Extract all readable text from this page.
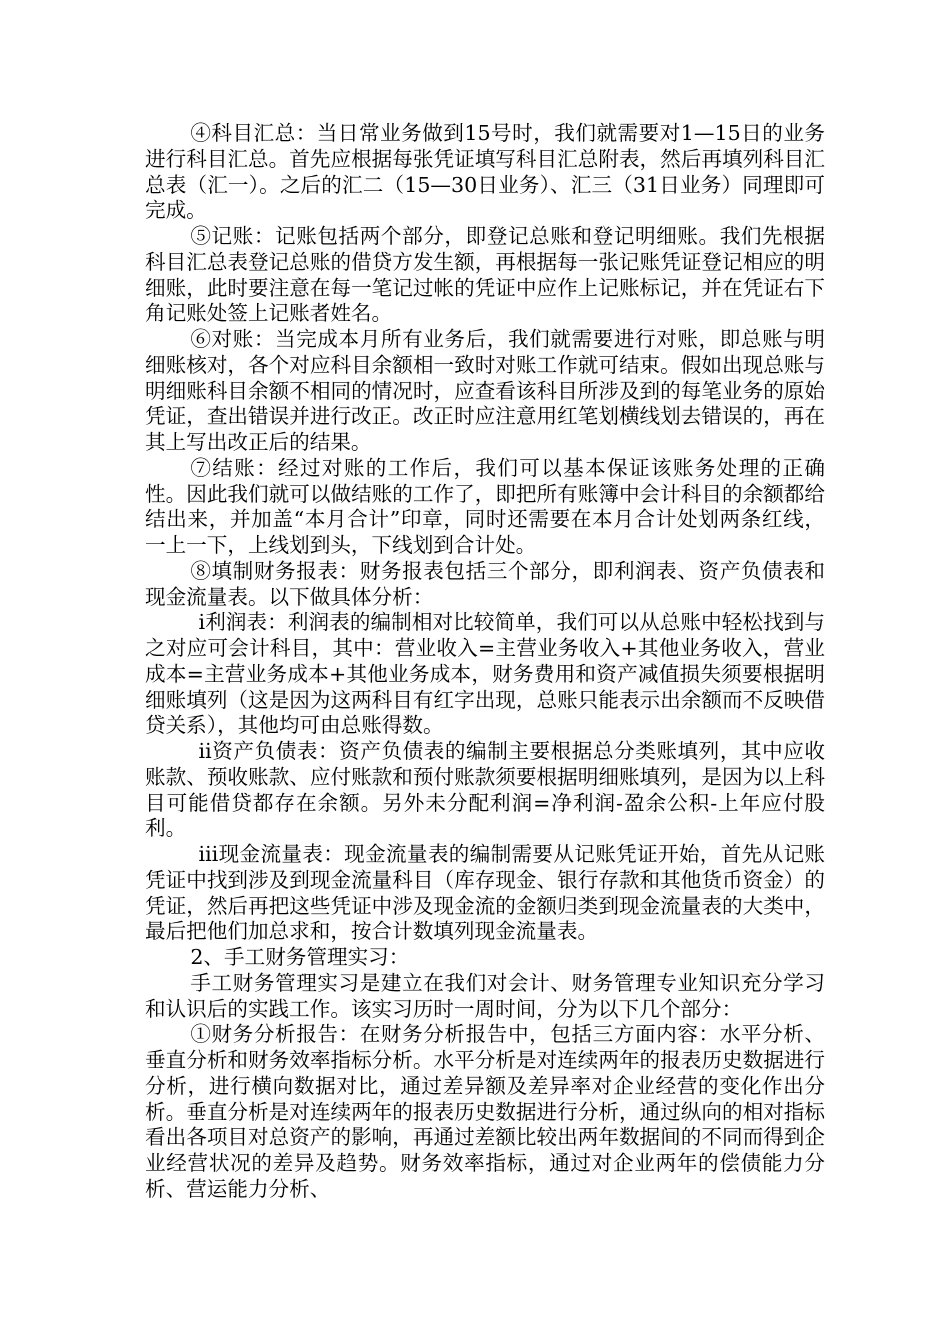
④科目汇总：当日常业务做到15号时，我们就需要对1—15日的业务进行科目汇总。首先应根据每张凭证填写科目汇总附表，然后再填列科目汇总表（汇一）。之后的汇二（15—30日业务）、汇三（31日业务）同理即可完成。

⑤记账：记账包括两个部分，即登记总账和登记明细账。我们先根据科目汇总表登记总账的借贷方发生额，再根据每一张记账凭证登记相应的明细账，此时要注意在每一笔记过帐的凭证中应作上记账标记，并在凭证右下角记账处签上记账者姓名。

⑥对账：当完成本月所有业务后，我们就需要进行对账，即总账与明细账核对，各个对应科目余额相一致时对账工作就可结束。假如出现总账与明细账科目余额不相同的情况时，应查看该科目所涉及到的每笔业务的原始凭证，查出错误并进行改正。改正时应注意用红笔划横线划去错误的，再在其上写出改正后的结果。

⑦结账：经过对账的工作后，我们可以基本保证该账务处理的正确性。因此我们就可以做结账的工作了，即把所有账簿中会计科目的余额都给结出来，并加盖“本月合计”印章，同时还需要在本月合计处划两条红线，一上一下，上线划到头，下线划到合计处。

⑧填制财务报表：财务报表包括三个部分，即利润表、资产负债表和现金流量表。以下做具体分析：

ⅰ利润表：利润表的编制相对比较简单，我们可以从总账中轻松找到与之对应可会计科目，其中：营业收入=主营业务收入+其他业务收入，营业成本=主营业务成本+其他业务成本，财务费用和资产减值损失须要根据明细账填列（这是因为这两科目有红字出现，总账只能表示出余额而不反映借贷关系），其他均可由总账得数。

ⅱ资产负债表：资产负债表的编制主要根据总分类账填列，其中应收账款、预收账款、应付账款和预付账款须要根据明细账填列，是因为以上科目可能借贷都存在余额。另外未分配利润=净利润-盈余公积-上年应付股利。

ⅲ现金流量表：现金流量表的编制需要从记账凭证开始，首先从记账凭证中找到涉及到现金流量科目（库存现金、银行存款和其他货币资金）的凭证，然后再把这些凭证中涉及现金流的金额归类到现金流量表的大类中，最后把他们加总求和，按合计数填列现金流量表。

2、手工财务管理实习：

手工财务管理实习是建立在我们对会计、财务管理专业知识充分学习和认识后的实践工作。该实习历时一周时间，分为以下几个部分：

①财务分析报告：在财务分析报告中，包括三方面内容：水平分析、垂直分析和财务效率指标分析。水平分析是对连续两年的报表历史数据进行分析，进行横向数据对比，通过差异额及差异率对企业经营的变化作出分析。垂直分析是对连续两年的报表历史数据进行分析，通过纵向的相对指标看出各项目对总资产的影响，再通过差额比较出两年数据间的不同而得到企业经营状况的差异及趋势。财务效率指标，通过对企业两年的偿债能力分析、营运能力分析、
